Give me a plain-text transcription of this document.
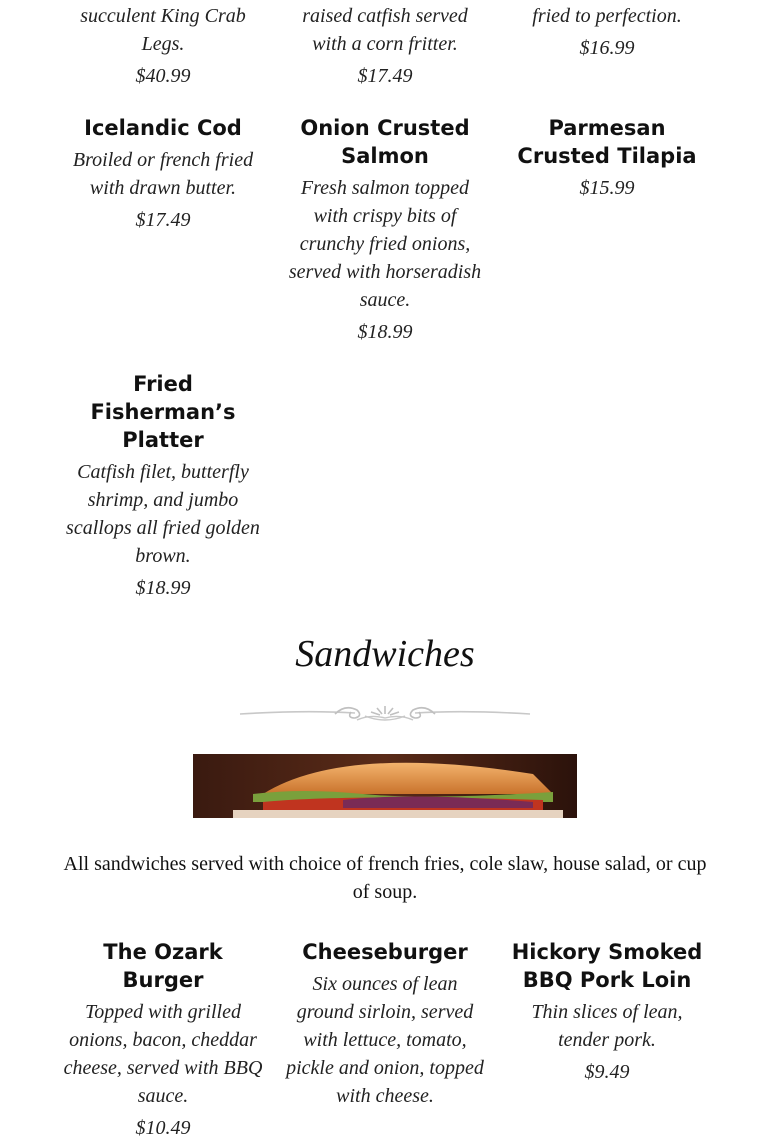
succulent King Crab Legs.
$40.99
raised catfish served with a corn fritter.
$17.49
fried to perfection.
$16.99
Icelandic Cod
Broiled or french fried with drawn butter.
$17.49
Onion Crusted Salmon
Fresh salmon topped with crispy bits of crunchy fried onions, served with horseradish sauce.
$18.99
Parmesan Crusted Tilapia
$15.99
Fried Fisherman’s Platter
Catfish filet, butterfly shrimp, and jumbo scallops all fried golden brown.
$18.99
Sandwiches
All sandwiches served with choice of french fries, cole slaw, house salad, or cup of soup.
The Ozark Burger
Topped with grilled onions, bacon, cheddar cheese, served with BBQ sauce.
$10.49
Cheeseburger
Six ounces of lean ground sirloin, served with lettuce, tomato, pickle and onion, topped with cheese.
Hickory Smoked BBQ Pork Loin
Thin slices of lean, tender pork.
$9.49
